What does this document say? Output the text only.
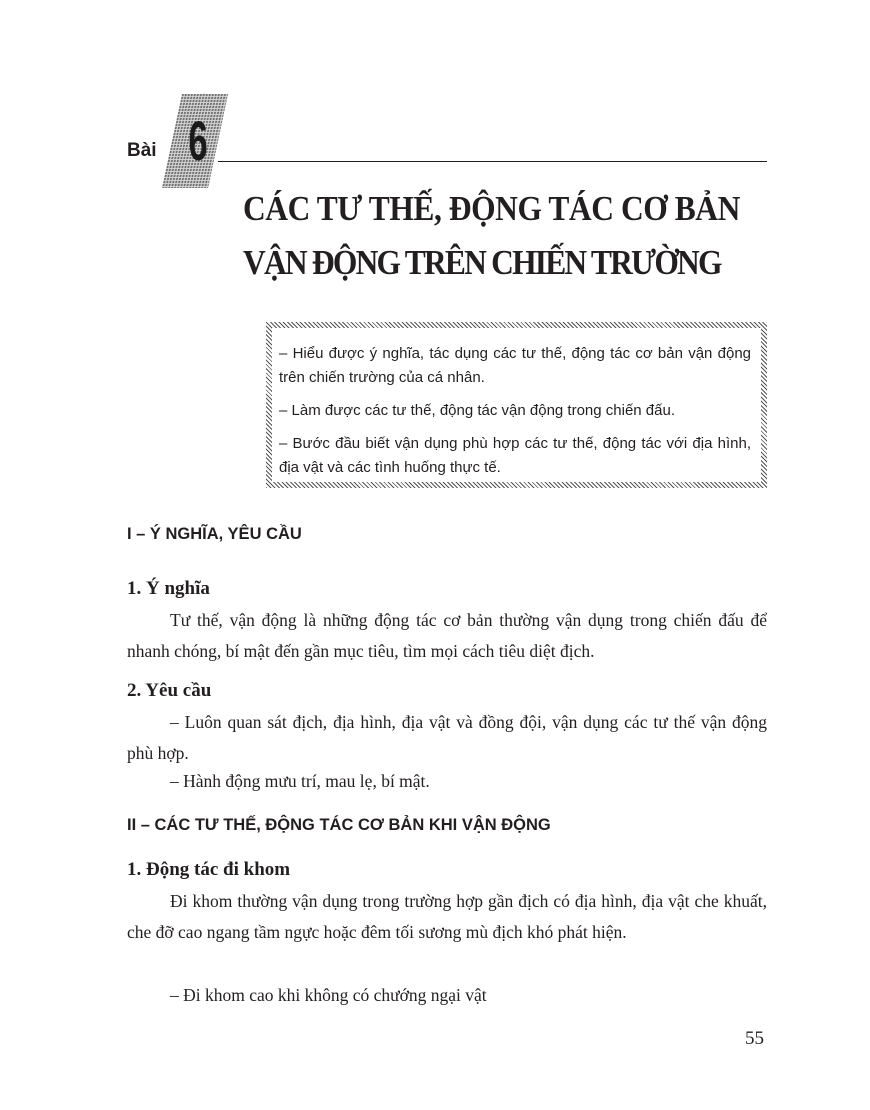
Bài 6
CÁC TƯ THẾ, ĐỘNG TÁC CƠ BẢN
VẬN ĐỘNG TRÊN CHIẾN TRƯỜNG

– Hiểu được ý nghĩa, tác dụng các tư thế, động tác cơ bản vận động trên chiến trường của cá nhân.

– Làm được các tư thế, động tác vận động trong chiến đấu.

– Bước đầu biết vận dụng phù hợp các tư thế, động tác với địa hình, địa vật và các tình huống thực tế.

I – Ý NGHĨA, YÊU CẦU
1. Ý nghĩa
Tư thế, vận động là những động tác cơ bản thường vận dụng trong chiến đấu để nhanh chóng, bí mật đến gần mục tiêu, tìm mọi cách tiêu diệt địch.
2. Yêu cầu
– Luôn quan sát địch, địa hình, địa vật và đồng đội, vận dụng các tư thế vận động phù hợp.
– Hành động mưu trí, mau lẹ, bí mật.
II – CÁC TƯ THẾ, ĐỘNG TÁC CƠ BẢN KHI VẬN ĐỘNG
1. Động tác đi khom
Đi khom thường vận dụng trong trường hợp gần địch có địa hình, địa vật che khuất, che đỡ cao ngang tầm ngực hoặc đêm tối sương mù địch khó phát hiện.
– Đi khom cao khi không có chướng ngại vật
55
